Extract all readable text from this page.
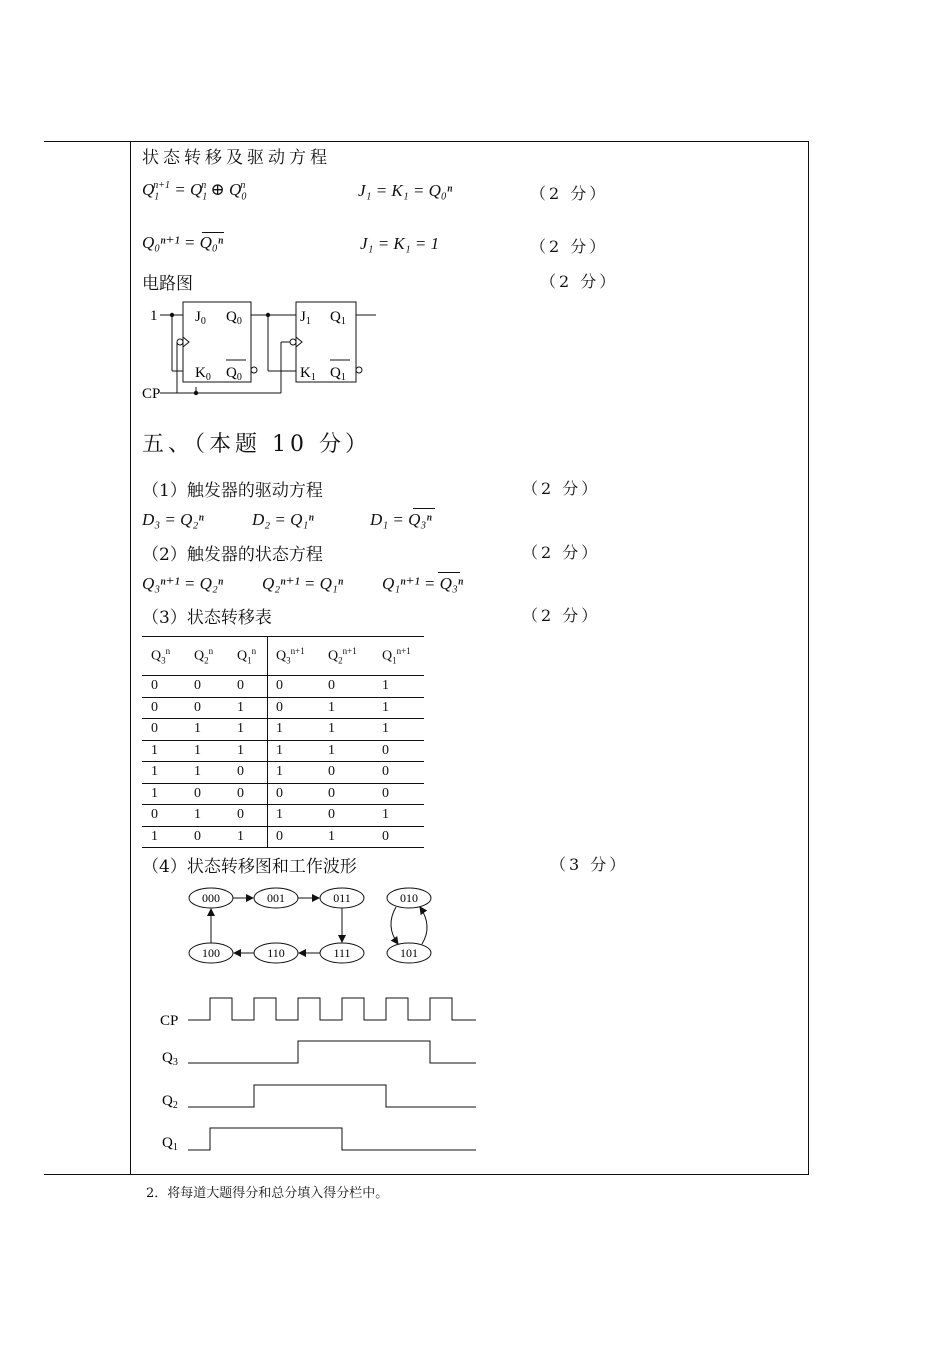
状态转移及驱动方程
$Q_1^{n+1} = Q_1^n$ ⊕ $Q_0^n$	J₁ = K₁ = Q₀ⁿ	（2 分）
Q₀ⁿ⁺¹ = Q₀ⁿ	J₁ = K₁ = 1	（2 分）
电路图	（2 分）
1
CP
$J_0$ $Q_0$
$K_0$ $Q_0$
$J_1$ $Q_1$
$K_1$ $Q_1$
五、（本题 10 分）
（1）触发器的驱动方程	（2 分）
D₃ = Q₂ⁿ	D₂ = Q₁ⁿ	D₁ = Q₃ⁿ
（2）触发器的状态方程	（2 分）
Q₃ⁿ⁺¹ = Q₂ⁿ Q₂ⁿ⁺¹ = Q₁ⁿ Q₁ⁿ⁺¹ = Q₃ⁿ
（3）状态转移表	（2 分）
$Q_3^n$	$Q_2^n$	$Q_1^n$	$Q_3^{n+1}$	$Q_2^{n+1}$	$Q_1^{n+1}$
0	0	0	0	0	1
0	0	1	0	1	1
0	1	1	1	1	1
1	1	1	1	1	0
1	1	0	1	0	0
1	0	0	0	0	0
0	1	0	1	0	1
1	0	1	0	1	0
（4）状态转移图和工作波形	（3 分）
000	001	011
111
110
100
010
101
CP
$Q_3$
$Q_2$
$Q_1$
2．将每道大题得分和总分填入得分栏中。
